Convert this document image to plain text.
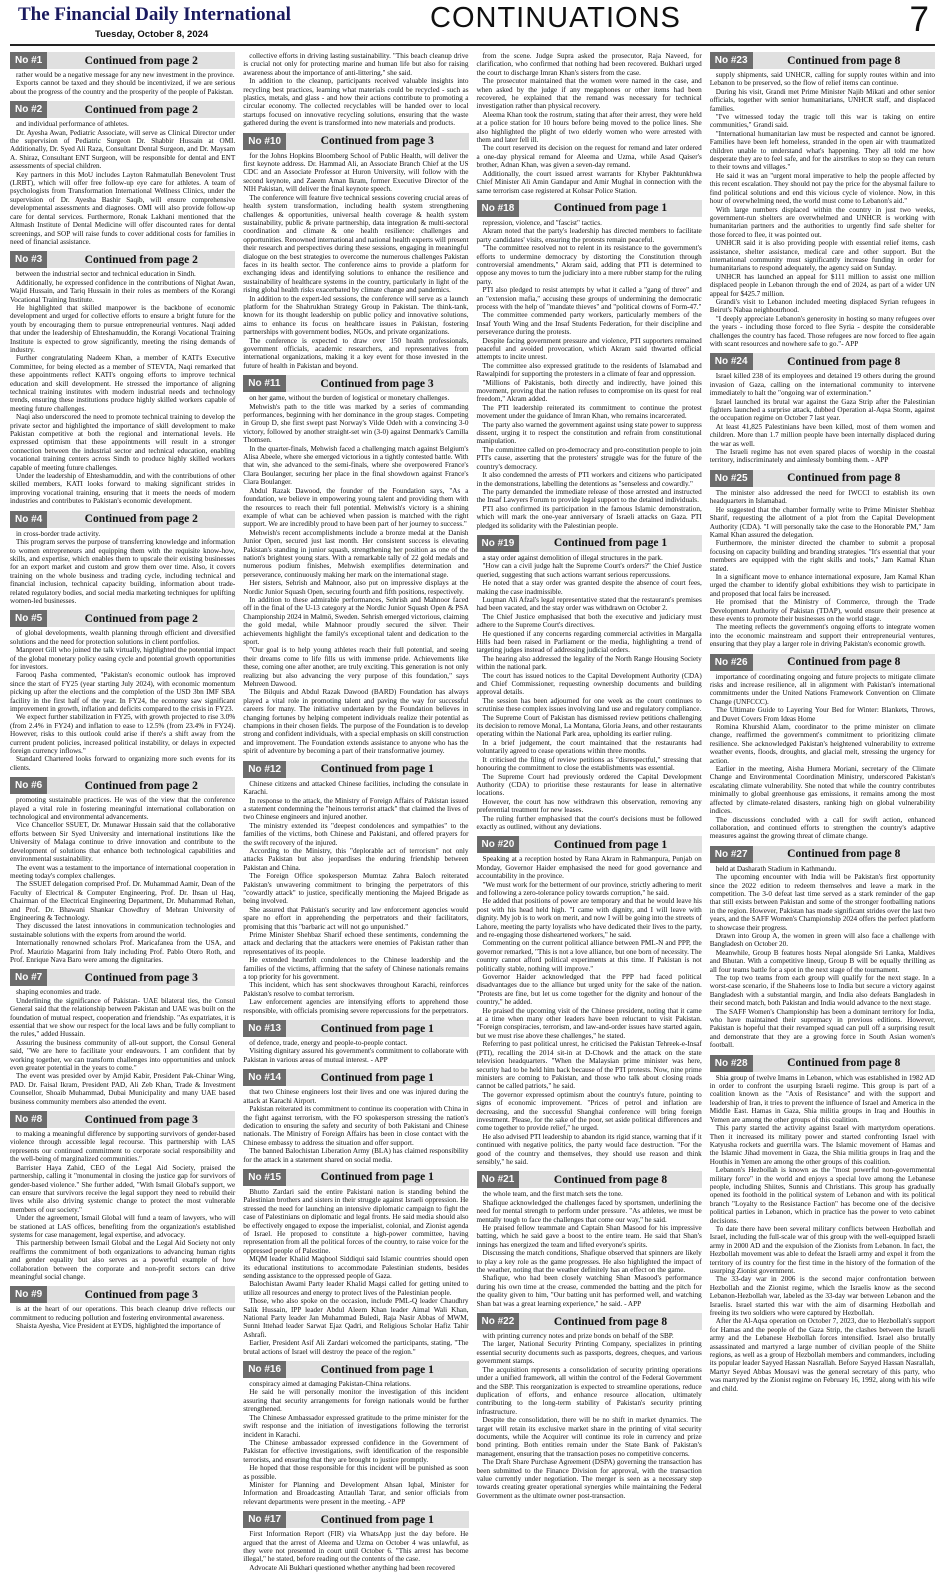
The Financial Daily International
Tuesday, October 8, 2024
CONTINUATIONS	7
No #1	Continued from page 2

rather would be a negative message for any new investment in the province.

Exports cannot be taxed and they should be incentivized, if we are serious about the progress of the country and the prosperity of the people of Pakistan.

No #2	Continued from page 2

and individual performance of athletes.

Dr. Ayesha Awan, Pediatric Associate, will serve as Clinical Director under the supervision of Pediatric Surgeon Dr. Shabbir Hussain at OMI. Additionally, Dr. Syed Ali Raza, Consultant Dental Surgeon, and Dr. Maysam A. Shiraz, Consultant ENT Surgeon, will be responsible for dental and ENT assessments of special children.

Key partners in this MoU includes Layton Rahmatullah Benevolent Trust (LRBT), which will offer free follow-up eye care for athletes. A team of psychologists from Transformation International Wellness Clinics, under the supervision of Dr. Ayesha Bashir Saqib, will ensure comprehensive developmental assessments and diagnoses. OMI will also provide follow-up care for dental services. Furthermore, Ronak Lakhani mentioned that the Altmash Institute of Dental Medicine will offer discounted rates for dental screenings, and SOP will raise funds to cover additional costs for families in need of financial assistance.

No #3	Continued from page 2

between the industrial sector and technical education in Sindh.

Additionally, he expressed confidence in the contributions of Nighat Awan, Wajid Hussain, and Tariq Hussain in their roles as members of the Korangi Vocational Training Institute.

He highlighted that skilled manpower is the backbone of economic development and urged for collective efforts to ensure a bright future for the youth by encouraging them to pursue entrepreneurial ventures. Naqi added that under the leadership of Ehteshamuddin, the Korangi Vocational Training Institute is expected to grow significantly, meeting the rising demands of industry.

Further congratulating Nadeem Khan, a member of KATI's Executive Committee, for being elected as a member of STEVTA, Naqi remarked that these appointments reflect KATI's ongoing efforts to improve technical education and skill development. He stressed the importance of aligning technical training institutes with modern industrial needs and technology trends, ensuring these institutions produce highly skilled workers capable of meeting future challenges.

Naqi also underscored the need to promote technical training to develop the private sector and highlighted the importance of skill development to make Pakistan competitive at both the regional and international levels. He expressed optimism that these appointments will result in a stronger connection between the industrial sector and technical education, enabling vocational training centers across Sindh to produce highly skilled workers capable of meeting future challenges.

Under the leadership of Ehteshamuddin, and with the contributions of other skilled members, KATI looks forward to making significant strides in improving vocational training, ensuring that it meets the needs of modern industries and contributes to Pakistan's economic development.

No #4	Continued from page 2

in cross-border trade activity.

This program serves the purpose of transferring knowledge and information to women entrepreneurs and equipping them with the requisite know-how, skills, and expertise, which enables them to upscale their existing businesses for an export market and custom and grow them over time. Also, it covers training on the whole business and trading cycle, including technical and financial inclusion, technical capacity building, information about trade-related regulatory bodies, and social media marketing techniques for uplifting women-led businesses.

No #5	Continued from page 2

of global developments, wealth planning through efficient and diversified solutions and the need for protection solutions in client portfolios.

Manpreet Gill who joined the talk virtually, highlighted the potential impact of the global monetary policy easing cycle and potential growth opportunities for investors.

Farooq Pasha commented, "Pakistan's economic outlook has improved since the start of FY25 (year starting July 2024), with economic momentum picking up after the elections and the completion of the USD 3bn IMF SBA facility in the first half of the year. In FY24, the economy saw significant improvement in growth, inflation and deficits compared to the crisis in FY23.

We expect further stabilization in FY25, with growth projected to rise 3.0% (from 2.4% in FY24) and inflation to ease to 12.5% (from 23.4% in FY24). However, risks to this outlook could arise if there's a shift away from the current prudent policies, increased political instability, or delays in expected foreign currency inflows."

Standard Chartered looks forward to organizing more such events for its clients.

No #6	Continued from page 2

promoting sustainable practices. He was of the view that the conference played a vital role in fostering meaningful international collaboration on technological and environmental advancements.

Vice Chancellor SSUET, Dr. Munawar Hussain said that the collaborative efforts between Sir Syed University and international institutions like the University of Malaga continue to drive innovation and contribute to the development of solutions that enhance both technological capabilities and environmental sustainability.

The event was a testament to the importance of international cooperation in meeting today's complex challenges.

The SSUET delegation comprised Prof. Dr. Muhammad Aamir, Dean of the Faculty of Electrical & Computer Engineering, Prof. Dr. Ihsan ul Haq, Chairman of the Electrical Engineering Department, Dr. Muhammad Rehan, and Prof. Dr. Bhawani Shankar Chowdhry of Mehran University of Engineering & Technology.

They discussed the latest innovations in communication technologies and sustainable solutions with the experts from around the world.

Internationally renowned scholars Prof. Maricafanea from the USA, and Prof. Maurizio Magarini from Italy including Prof. Pablo Otero Roth, and Prof. Enrique Nava Baro were among the dignitaries.

No #7	Continued from page 3

shaping economies and trade.

Underlining the significance of Pakistan- UAE bilateral ties, the Consul General said that the relationship between Pakistan and UAE was built on the foundation of mutual respect, cooperation and friendship. "As expatriates, it is essential that we show our respect for the local laws and be fully compliant to the rules," added Hussain.

Assuring the business community of all-out support, the Consul General said, "We are here to facilitate your endeavours. I am confident that by working together, we can transform challenges into opportunities and unlock even greater potential in the years to come."

The event was presided over by Amjid Kabir, President Pak-Chinar Wing, PAD. Dr. Faisal Ikram, President PAD, Ali Zeb Khan, Trade & Investment Counsellor, Shoaib Muhammad, Dubai Municipality and many UAE based business community members also attended the event.

No #8	Continued from page 3

to making a meaningful difference by supporting survivors of gender-based violence through accessible legal recourse. This partnership with LAS represents our continued commitment to corporate social responsibility and the well-being of marginalized communities."

Barrister Haya Zahid, CEO of the Legal Aid Society, praised the partnership, calling it "monumental in closing the justice gap for survivors of gender-based violence." She further added, "With Ismail Global's support, we can ensure that survivors receive the legal support they need to rebuild their lives while also driving systemic change to protect the most vulnerable members of our society."

Under the agreement, Ismail Global will fund a team of lawyers, who will be stationed at LAS offices, benefiting from the organization's established systems for case management, legal expertise, and advocacy.

This partnership between Ismail Global and the Legal Aid Society not only reaffirms the commitment of both organizations to advancing human rights and gender equality but also serves as a powerful example of how collaboration between the corporate and non-profit sectors can drive meaningful social change.

No #9	Continued from page 3

is at the heart of our operations. This beach cleanup drive reflects our commitment to reducing pollution and fostering environmental awareness.

Shaista Ayesha, Vice President at EYDS, highlighted the importance of

collective efforts in driving lasting sustainability. "This beach cleanup drive is crucial not only for protecting marine and human life but also for raising awareness about the importance of anti-littering," she said.

In addition to the cleanup, participants received valuable insights into recycling best practices, learning what materials could be recycled - such as plastics, metals, and glass - and how their actions contribute to promoting a circular economy. The collected recyclables will be handed over to local startups focused on innovative recycling solutions, ensuring that the waste gathered during the event is transformed into new materials and products.

No #10	Continued from page 3

for the Johns Hopkins Bloomberg School of Public Health, will deliver the first keynote address. Dr. Hammad Ali, an Associate Branch Chief at the US CDC and an Associate Professor at Huron University, will follow with the second keynote, and Zaeem Aman Ikram, former Executive Director of the NIH Pakistan, will deliver the final keynote speech.

The conference will feature five technical sessions covering crucial areas of health system transformation, including health system strengthening challenges & opportunities, universal health coverage & health system sustainability, public & private partnership, data integration & multi-sectoral coordination and climate & one health resilience: challenges and opportunities. Renowned international and national health experts will present their research and perspectives during these sessions, engaging in meaningful dialogue on the best strategies to overcome the numerous challenges Pakistan faces in its health sector. The conference aims to provide a platform for exchanging ideas and identifying solutions to enhance the resilience and sustainability of healthcare systems in the country, particularly in light of the rising global health risks exacerbated by climate change and pandemics.

In addition to the expert-led sessions, the conference will serve as a launch platform for the Shahrukhan Strategy Group in Pakistan. The think-tank, known for its thought leadership on public policy and innovative solutions, aims to enhance its focus on healthcare issues in Pakistan, fostering partnerships with government bodies, NGOs, and private organizations.

The conference is expected to draw over 150 health professionals, government officials, academic researchers, and representatives from international organizations, making it a key event for those invested in the future of health in Pakistan and beyond.

No #11	Continued from page 3

on her game, without the burden of logistical or monetary challenges.

Mehwish's path to the title was marked by a series of commanding performances, beginning with her dominance in the group stages. Competing in Group D, she first swept past Norway's Vilde Odeh with a convincing 3-0 victory, followed by another straight-set win (3-0) against Denmark's Camilla Thomsen.

In the quarter-finals, Mehwish faced a challenging match against Belgium's Alisa Abeele, where she emerged victorious in a tightly contested battle. With that win, she advanced to the semi-finals, where she overpowered France's Clara Boulanger, securing her place in the final showdown against France's Ciara Boulanger.

Abdul Razak Dawood, the founder of the Foundation says, "As a foundation, we believe in empowering young talent and providing them with the resources to reach their full potential. Mehwish's victory is a shining example of what can be achieved when passion is matched with the right support. We are incredibly proud to have been part of her journey to success."

Mehwish's recent accomplishments include a bronze medal at the Danish Junior Open, secured just last month. Her consistent success is elevating Pakistan's standing in junior squash, strengthening her position as one of the nation's brightest young stars. With a remarkable tally of 22 gold medals and numerous podium finishes, Mehwish exemplifies determination and perseverance, continuously making her mark on the international stage.

Her sisters, Sehrish and Mahnoor, also put on impressive displays at the Nordic Junior Squash Open, securing fourth and fifth positions, respectively.

In addition to these admirable performances, Sehrish and Mahnoor faced off in the final of the U-13 category at the Nordic Junior Squash Open & PSA Championship 2024 in Malmö, Sweden. Sehrish emerged victorious, claiming the gold medal, while Mahnoor proudly secured the silver. Their achievements highlight the family's exceptional talent and dedication to the sport.

"Our goal is to help young athletes reach their full potential, and seeing their dreams come to life fills us with immense pride. Achievements like these, coming one after another, are truly exciting. This generation is not only realizing but also advancing the very purpose of this foundation," says Mehreen Dawood.

The Bilquis and Abdul Razak Dawood (BARD) Foundation has always played a vital role in promoting talent and paving the way for successful careers for many. The initiative undertaken by the Foundation believes in changing fortunes by helping competent individuals realize their potential as champions in their chosen fields. The purpose of the Foundation is to develop strong and confident individuals, with a special emphasis on skill construction and improvement. The Foundation extends assistance to anyone who has the spirit of adventure by becoming a part of their transformative journey.

No #12	Continued from page 1

Chinese citizens and attacked Chinese facilities, including the consulate in Karachi.

In response to the attack, the Ministry of Foreign Affairs of Pakistan issued a statement condemning the "heinous terrorist attack" that claimed the lives of two Chinese engineers and injured another.

The ministry extended its "deepest condolences and sympathies" to the families of the victims, both Chinese and Pakistani, and offered prayers for the swift recovery of the injured.

According to the Ministry, this "deplorable act of terrorism" not only attacks Pakistan but also jeopardises the enduring friendship between Pakistan and China.

The Foreign Office spokesperson Mumtaz Zahra Baloch reiterated Pakistan's unwavering commitment to bringing the perpetrators of this "cowardly attack" to justice, specifically mentioning the Majeed Brigade as being involved.

She assured that Pakistan's security and law enforcement agencies would spare no effort in apprehending the perpetrators and their facilitators, promising that this "barbaric act will not go unpunished."

Prime Minister Shehbaz Sharif echoed these sentiments, condemning the attack and declaring that the attackers were enemies of Pakistan rather than representatives of its people.

He extended heartfelt condolences to the Chinese leadership and the families of the victims, affirming that the safety of Chinese nationals remains a top priority for his government.

This incident, which has sent shockwaves throughout Karachi, reinforces Pakistan's resolve to combat terrorism.

Law enforcement agencies are intensifying efforts to apprehend those responsible, with officials promising severe repercussions for the perpetrators.

No #13	Continued from page 1

of defence, trade, energy and people-to-people contact.

Visiting dignitary assured his government's commitment to collaborate with Pakistan in various areas of mutual interest. - APP

No #14	Continued from page 1

that two Chinese engineers lost their lives and one was injured during the attack at Karachi Airport.

Pakistan reiterated its commitment to continue its cooperation with China in the fight against terrorism, with the FO spokesperson stressing the nation's dedication to ensuring the safety and security of both Pakistani and Chinese nationals. The Ministry of Foreign Affairs has been in close contact with the Chinese embassy to address the situation and offer support.

The banned Balochistan Liberation Army (BLA) has claimed responsibility for the attack in a statement shared on social media.

No #15	Continued from page 1

Bhutto Zardari said the entire Pakistani nation is standing behind the Palestinian brothers and sisters in their struggle against Israeli oppression. He stressed the need for launching an intensive diplomatic campaign to fight the case of Palestinians on diplomatic and legal fronts. He said media should also be effectively engaged to expose the imperialist, colonial, and Zionist agenda of Israel. He proposed to constitute a high-power committee, having representation from all the political forces of the country, to raise voice for the oppressed people of Palestine.

MQM leader Khalid Maqbool Siddiqui said Islamic countries should open its educational institutions to accommodate Palestinian students, besides sending assistance to the oppressed people of Gaza.

Balochistan Awami Party leader Khalid Magsi called for getting united to utilize all resources and energy to protect lives of the Palestinian people.

Those, who also spoke on the occasion, include PML-Q leader Chaudhry Salik Hussain, IPP leader Abdul Aleem Khan leader Aimal Wali Khan, National Party leader Jan Muhammad Buledi, Raja Nasir Abbas of MWM, Sunni Ittehad leader Sarwat Ejaz Qadri, and Religious Scholar Hafiz Tahir Ashrafi.

Earlier, President Asif Ali Zardari welcomed the participants, stating, "The brutal actions of Israel will destroy the peace of the region."

No #16	Continued from page 1

conspiracy aimed at damaging Pakistan-China relations.

He said he will personally monitor the investigation of this incident assuring that security arrangements for foreign nationals would be further strengthened.

The Chinese Ambassador expressed gratitude to the prime minister for the swift response and the initiation of investigations following the terrorist incident in Karachi.

The Chinese ambassador expressed confidence in the Government of Pakistan for effective investigations, swift identification of the responsible terrorists, and ensuring that they are brought to justice promptly.

He hoped that those responsible for this incident will be punished as soon as possible.

Minister for Planning and Development Ahsan Iqbal, Minister for Information and Broadcasting Attaullah Tarar, and senior officials from relevant departments were present in the meeting. - APP

No #17	Continued from page 1

First Information Report (FIR) via WhatsApp just the day before. He argued that the arrest of Aleema and Uzma on October 4 was unlawful, as they were not presented in court until October 6. "This arrest has become illegal," he stated, before reading out the contents of the case.

Advocate Ali Bukhari questioned whether anything had been recovered

from the scene. Judge Supra asked the prosecutor, Raja Naveed, for clarification, who confirmed that nothing had been recovered. Bukhari urged the court to discharge Imran Khan's sisters from the case.

The prosecutor maintained that the women were named in the case, and when asked by the judge if any megaphones or other items had been recovered, he explained that the remand was necessary for technical investigation rather than physical recovery.

Aleema Khan took the rostrum, stating that after their arrest, they were held at a police station for 10 hours before being moved to the police lines. She also highlighted the plight of two elderly women who were arrested with them and later fell ill.

The court reserved its decision on the request for remand and later ordered a one-day physical remand for Aleema and Uzma, while Asad Qaiser's brother, Adnan Khan, was given a seven-day remand.

Additionally, the court issued arrest warrants for Khyber Pakhtunkhwa Chief Minister Ali Amin Gandapur and Amir Mughal in connection with the same terrorism case registered at Kohsar Police Station.

No #18	Continued from page 1

repression, violence, and "fascist" tactics.

Akram noted that the party's leadership has directed members to facilitate party candidates' visits, ensuring the protests remain peaceful.

"The committee resolved not to relent in its resistance to the government's efforts to undermine democracy by distorting the Constitution through controversial amendments," Akram said, adding that PTI is determined to oppose any moves to turn the judiciary into a mere rubber stamp for the ruling party.

PTI also pledged to resist attempts by what it called a "gang of three" and an "extension mafia," accusing these groups of undermining the democratic process with the help of "mandate thieves" and "political clowns of Form-47."

The committee commended party workers, particularly members of the Insaf Youth Wing and the Insaf Students Federation, for their discipline and perseverance during the protests.

Despite facing government pressure and violence, PTI supporters remained peaceful and avoided provocation, which Akram said thwarted official attempts to incite unrest.

The committee also expressed gratitude to the residents of Islamabad and Rawalpindi for supporting the protesters in a climate of fear and oppression.

"Millions of Pakistanis, both directly and indirectly, have joined this movement, proving that the nation refuses to compromise on its quest for real freedom," Akram added.

The PTI leadership reiterated its commitment to continue the protest movement under the guidance of Imran Khan, who remains incarcerated.

The party also warned the government against using state power to suppress dissent, urging it to respect the constitution and refrain from constitutional manipulation.

The committee called on pro-democracy and pro-constitution people to join PTI's cause, asserting that the protesters' struggle was for the future of the country's democracy.

It also condemned the arrests of PTI workers and citizens who participated in the demonstrations, labelling the detentions as "senseless and cowardly."

The party demanded the immediate release of those arrested and instructed the Insaf Lawyers Forum to provide legal support to the detained individuals.

PTI also confirmed its participation in the famous Islamic demonstration, which will mark the one-year anniversary of Israeli attacks on Gaza. PTI pledged its solidarity with the Palestinian people.

No #19	Continued from page 1

a stay order against demolition of illegal structures in the park.

"How can a civil judge halt the Supreme Court's orders?" the Chief Justice queried, suggesting that such actions warrant serious repercussions.

He noted that a stay order was granted despite the absence of court fees, making the case inadmissible.

Luqman Ali Afzal's legal representative stated that the restaurant's premises had been vacated, and the stay order was withdrawn on October 2.

The Chief Justice emphasised that both the executive and judiciary must adhere to the Supreme Court's directives.

He questioned if any concerns regarding commercial activities in Margalla Hills had been raised in Parliament or the media, highlighting a trend of targeting judges instead of addressing judicial orders.

The hearing also addressed the legality of the North Range Housing Society within the national park.

The court has issued notices to the Capital Development Authority (CDA) and Chief Commissioner, requesting ownership documents and building approval details.

The session has been adjourned for one week as the court continues to scrutinise these complex issues involving land use and regulatory compliance.

The Supreme Court of Pakistan has dismissed review petitions challenging its decision to remove Monal, La Montana, Gloria Jeans, and other restaurants operating within the National Park area, upholding its earlier ruling.

In a brief judgement, the court maintained that the restaurants had voluntarily agreed to cease operations within three months.

It criticised the filing of review petitions as "disrespectful," stressing that honouring the commitment to close the establishments was essential.

The Supreme Court had previously ordered the Capital Development Authority (CDA) to prioritise these restaurants for lease in alternative locations.

However, the court has now withdrawn this observation, removing any preferential treatment for new leases.

The ruling further emphasised that the court's decisions must be followed exactly as outlined, without any deviations.

No #20	Continued from page 1

Speaking at a reception hosted by Rana Akram in Rahmanpura, Punjab on Monday, Governor Haider emphasised the need for good governance and accountability in the province.

"We must work for the betterment of our province, strictly adhering to merit and following a zero-tolerance policy towards corruption," he said.

He added that positions of power are temporary and that he would leave his post with his head held high. "I came with dignity, and I will leave with dignity. My job is to work on merit, and now I will be going into the streets of Lahore, meeting the party loyalists who have dedicated their lives to the party, and re-engaging those disheartened workers," he said.

Commenting on the current political alliance between PML-N and PPP, the governor remarked, "This is not a love alliance, but one born of necessity. The country cannot afford political experiments at this time. If Pakistan is not politically stable, nothing will improve."

Governor Haider acknowledged that the PPP had faced political disadvantages due to the alliance but urged unity for the sake of the nation. "Protests are fine, but let us come together for the dignity and honour of the country," he added.

He praised the upcoming visit of the Chinese president, noting that it came at a time when many other leaders have been reluctant to visit Pakistan. "Foreign conspiracies, terrorism, and law-and-order issues have started again, but we must rise above these challenges," he stated.

Referring to past political unrest, he criticised the Pakistan Tehreek-e-Insaf (PTI), recalling the 2014 sit-in at D-Chowk and the attack on the state television headquarters. "When the Malaysian prime minister was here, security had to be held him back because of the PTI protests. Now, nine prime ministers are coming to Pakistan, and those who talk about closing roads cannot be called patriots," he said.

The governor expressed optimism about the country's future, pointing to signs of economic improvement. "Prices of petrol and inflation are decreasing, and the successful Shanghai conference will bring foreign investment. Please, for the sake of the poor, set aside political differences and come together to provide relief," he urged.

He also advised PTI leadership to abandon its rigid stance, warning that if it continued with negative politics, the party would face destruction. "For the good of the country and themselves, they should use reason and think sensibly," he said.

No #21	Continued from page 8

the whole team, and the first match sets the tone.

Shafique acknowledged the challenges faced by sportsmen, underlining the need for mental strength to perform under pressure. "As athletes, we must be mentally tough to face the challenges that come our way," he said.

He praised fellow teammate and Captain Shan Masood for his impressive batting, which he said gave a boost to the entire team. He said that Shan's innings has energized the team and lifted everyone's spirits.

Discussing the match conditions, Shafique observed that spinners are likely to play a key role as the game progresses. He also highlighted the impact of the weather, noting that the weather definitely has an effect on the game.

Shafique, who had been closely watching Shan Masood's performance during his own time at the crease, commended the batting and the pitch for the quality given to him, "Our batting unit has performed well, and watching Shan bat was a great learning experience," he said. - APP

No #22	Continued from page 8

with printing currency notes and prize bonds on behalf of the SBP.

The larger, National Security Printing Company, specializes in printing essential security documents such as passports, degrees, cheques, and various government stamps.

The acquisition represents a consolidation of security printing operations under a unified framework, all within the control of the Federal Government and the SBP. This reorganization is expected to streamline operations, reduce duplication of efforts, and enhance resource allocation, ultimately contributing to the long-term stability of Pakistan's security printing infrastructure.

Despite the consolidation, there will be no shift in market dynamics. The target will retain its exclusive market share in the printing of vital security documents, while the Acquirer will continue its role in currency and prize bond printing. Both entities remain under the State Bank of Pakistan's management, ensuring that the transaction poses no competitive concerns.

The Draft Share Purchase Agreement (DSPA) governing the transaction has been submitted to the Finance Division for approval, with the transaction value currently under negotiation. The merger is seen as a necessary step towards creating greater operational synergies while maintaining the Federal Government as the ultimate owner post-transaction.

No #23	Continued from page 8

supply shipments, said UNHCR, calling for supply routes within and into Lebanon to be preserved, so the flow of relief items can continue.

During his visit, Grandi met Prime Minister Najib Mikati and other senior officials, together with senior humanitarians, UNHCR staff, and displaced families.

"I've witnessed today the tragic toll this war is taking on entire communities," Grandi said.

"International humanitarian law must be respected and cannot be ignored. Families have been left homeless, stranded in the open air with traumatized children unable to understand what's happening. They all told me how desperate they are to feel safe, and for the airstrikes to stop so they can return to their towns and villages."

He said it was an "urgent moral imperative to help the people affected by this recent escalation. They should not pay the price for the abysmal failure to find political solutions and end this vicious cycle of violence. Now, in this hour of overwhelming need, the world must come to Lebanon's aid."

With large numbers displaced within the country in just two weeks, government-run shelters are overwhelmed and UNHCR is working with humanitarian partners and the authorities to urgently find safe shelter for those forced to flee, it was pointed out.

UNHCR said it is also providing people with essential relief items, cash assistance, shelter assistance, medical care and other support. But the international community must significantly increase funding in order for humanitarians to respond adequately, the agency said on Sunday.

UNHCR has launched an appeal for $111 million to assist one million displaced people in Lebanon through the end of 2024, as part of a wider UN appeal for $425.7 million.

Grandi's visit to Lebanon included meeting displaced Syrian refugees in Beirut's Nabaa neighbourhood.

"I deeply appreciate Lebanon's generosity in hosting so many refugees over the years - including those forced to flee Syria - despite the considerable challenges the country has faced. Those refugees are now forced to flee again with scant resources and nowhere safe to go."- APP

No #24	Continued from page 8

Israel killed 238 of its employees and detained 19 others during the ground invasion of Gaza, calling on the international community to intervene immediately to halt the "ongoing war of extermination."

Israel launched its brutal war against the Gaza Strip after the Palestinian fighters launched a surprise attack, dubbed Operation al-Aqsa Storm, against the occupation regime on October 7 last year.

At least 41,825 Palestinians have been killed, most of them women and children. More than 1.7 million people have been internally displaced during the war as well.

The Israeli regime has not even spared places of worship in the coastal territory, indiscriminately and aimlessly bombing them. - APP

No #25	Continued from page 8

The minister also addressed the need for IWCCI to establish its own headquarters in Islamabad.

He suggested that the chamber formally write to Prime Minister Shehbaz Sharif, requesting the allotment of a plot from the Capital Development Authority (CDA). "I will personally take the case to the Honorable PM," Jam Kamal Khan assured the delegation.

Furthermore, the minister directed the chamber to submit a proposal focusing on capacity building and branding strategies. "It's essential that your members are equipped with the right skills and tools," Jam Kamal Khan stated.

In a significant move to enhance international exposure, Jam Kamal Khan urged the chamber to identify global exhibitions they wish to participate in and proposed that local fairs be increased.

He promised that the Ministry of Commerce, through the Trade Development Authority of Pakistan (TDAP), would ensure their presence at these events to promote their businesses on the world stage.

The meeting reflects the government's ongoing efforts to integrate women into the economic mainstream and support their entrepreneurial ventures, ensuring that they play a larger role in driving Pakistan's economic growth.

No #26	Continued from page 8

importance of coordinating ongoing and future projects to mitigate climate risks and increase resilience, all in alignment with Pakistan's international commitments under the United Nations Framework Convention on Climate Change (UNFCCC).

The Ultimate Guide to Layering Your Bed for Winter: Blankets, Throws, and Duvet Covers From Ideas Home

Romina Khurshid Alam, coordinator to the prime minister on climate change, reaffirmed the government's commitment to prioritizing climate resilience. She acknowledged Pakistan's heightened vulnerability to extreme weather events, floods, droughts, and glacial melt, stressing the urgency for action.

Earlier in the meeting, Aisha Humera Moriani, secretary of the Climate Change and Environmental Coordination Ministry, underscored Pakistan's escalating climate vulnerability. She noted that while the country contributes minimally to global greenhouse gas emissions, it remains among the most affected by climate-related disasters, ranking high on global vulnerability indices.

The discussions concluded with a call for swift action, enhanced collaboration, and continued efforts to strengthen the country's adaptive measures against the growing threat of climate change.

No #27	Continued from page 8

held at Dasharath Stadium in Kathmandu.

The upcoming encounter with India will be Pakistan's first opportunity since the 2022 edition to redeem themselves and leave a mark in the competition. The 3-0 defeat last time served as a stark reminder of the gap that still exists between Pakistan and some of the stronger footballing nations in the region. However, Pakistan has made significant strides over the last two years, and the SAFF Women's Championship 2024 offers the perfect platform to showcase their progress.

Drawn into Group A, the women in green will also face a challenge with Bangladesh on October 20.

Meanwhile, Group B features hosts Nepal alongside Sri Lanka, Maldives and Bhutan. With a competitive lineup, Group B will be equally thrilling as all four teams battle for a spot in the next stage of the tournament.

The top two teams from each group will qualify for the next stage. In a worst-case scenario, if the Shaheens lose to India but secure a victory against Bangladesh with a substantial margin, and India also defeats Bangladesh in their second match, both Pakistan and India would advance to the next stage.

The SAFF Women's Championship has been a dominant territory for India, who have maintained their supremacy in previous editions. However, Pakistan is hopeful that their revamped squad can pull off a surprising result and demonstrate that they are a growing force in South Asian women's football.

No #28	Continued from page 8

Shia group of twelve Imams in Lebanon, which was established in 1982 AD in order to confront the usurping Israeli regime. This group is part of a coalition known as the "Axis of Resistance" and with the support and leadership of Iran, it tries to prevent the influence of Israel and America in the Middle East. Hamas in Gaza, Shia militia groups in Iraq and Houthis in Yemen are among the other groups of this coalition.

This party started the activity against Israel with martyrdom operations. Then it increased its military power and started confronting Israel with Katyusha rockets and guerrilla wars. The Islamic movement of Hamas and the Islamic Jihad movement in Gaza, the Shia militia groups in Iraq and the Houthis in Yemen are among the other groups of this coalition.

Lebanon's Hezbollah is known as the "most powerful non-governmental military force" in the world and enjoys a special love among the Lebanese people, including Shiites, Sunnis and Christians. This group has gradually opened its foothold in the political system of Lebanon and with its political branch "Loyalty to the Resistance Faction" has become one of the decisive political parties in Lebanon, which in practice has the power to veto cabinet decisions.

To date there have been several military conflicts between Hezbollah and Israel, including the full-scale war of this group with the well-equipped Israeli army in 2000 AD and the expulsion of the Zionists from Lebanon. In fact, the Hezbollah movement was able to defeat the Israeli army and expel it from the territory of its country for the first time in the history of the formation of the usurping Zionist government.

The 33-day war in 2006 is the second major confrontation between Hezbollah and the Zionist regime, which the Israelis know as the second Lebanon-Hezbollah war, labeled as the 33-day war between Lebanon and the Israelis. Israel started this war with the aim of disarming Hezbollah and freeing its two soldiers who were captured by Hezbollah.

After the Al-Aqsa operation on October 7, 2023, due to Hezbollah's support for Hamas and the people of the Gaza Strip, the clashes between the Israeli army and the Lebanese Hezbollah forces intensified. Israel also brutally assassinated and martyred a large number of civilian people of the Shiite regions, as well as a group of Hezbollah members and commanders, including its popular leader Sayyed Hassan Nasrallah. Before Sayyed Hassan Nasrallah, Martyr Seyed Abbas Mousavi was the general secretary of this party, who was martyred by the Zionist regime on February 16, 1992, along with his wife and child.
